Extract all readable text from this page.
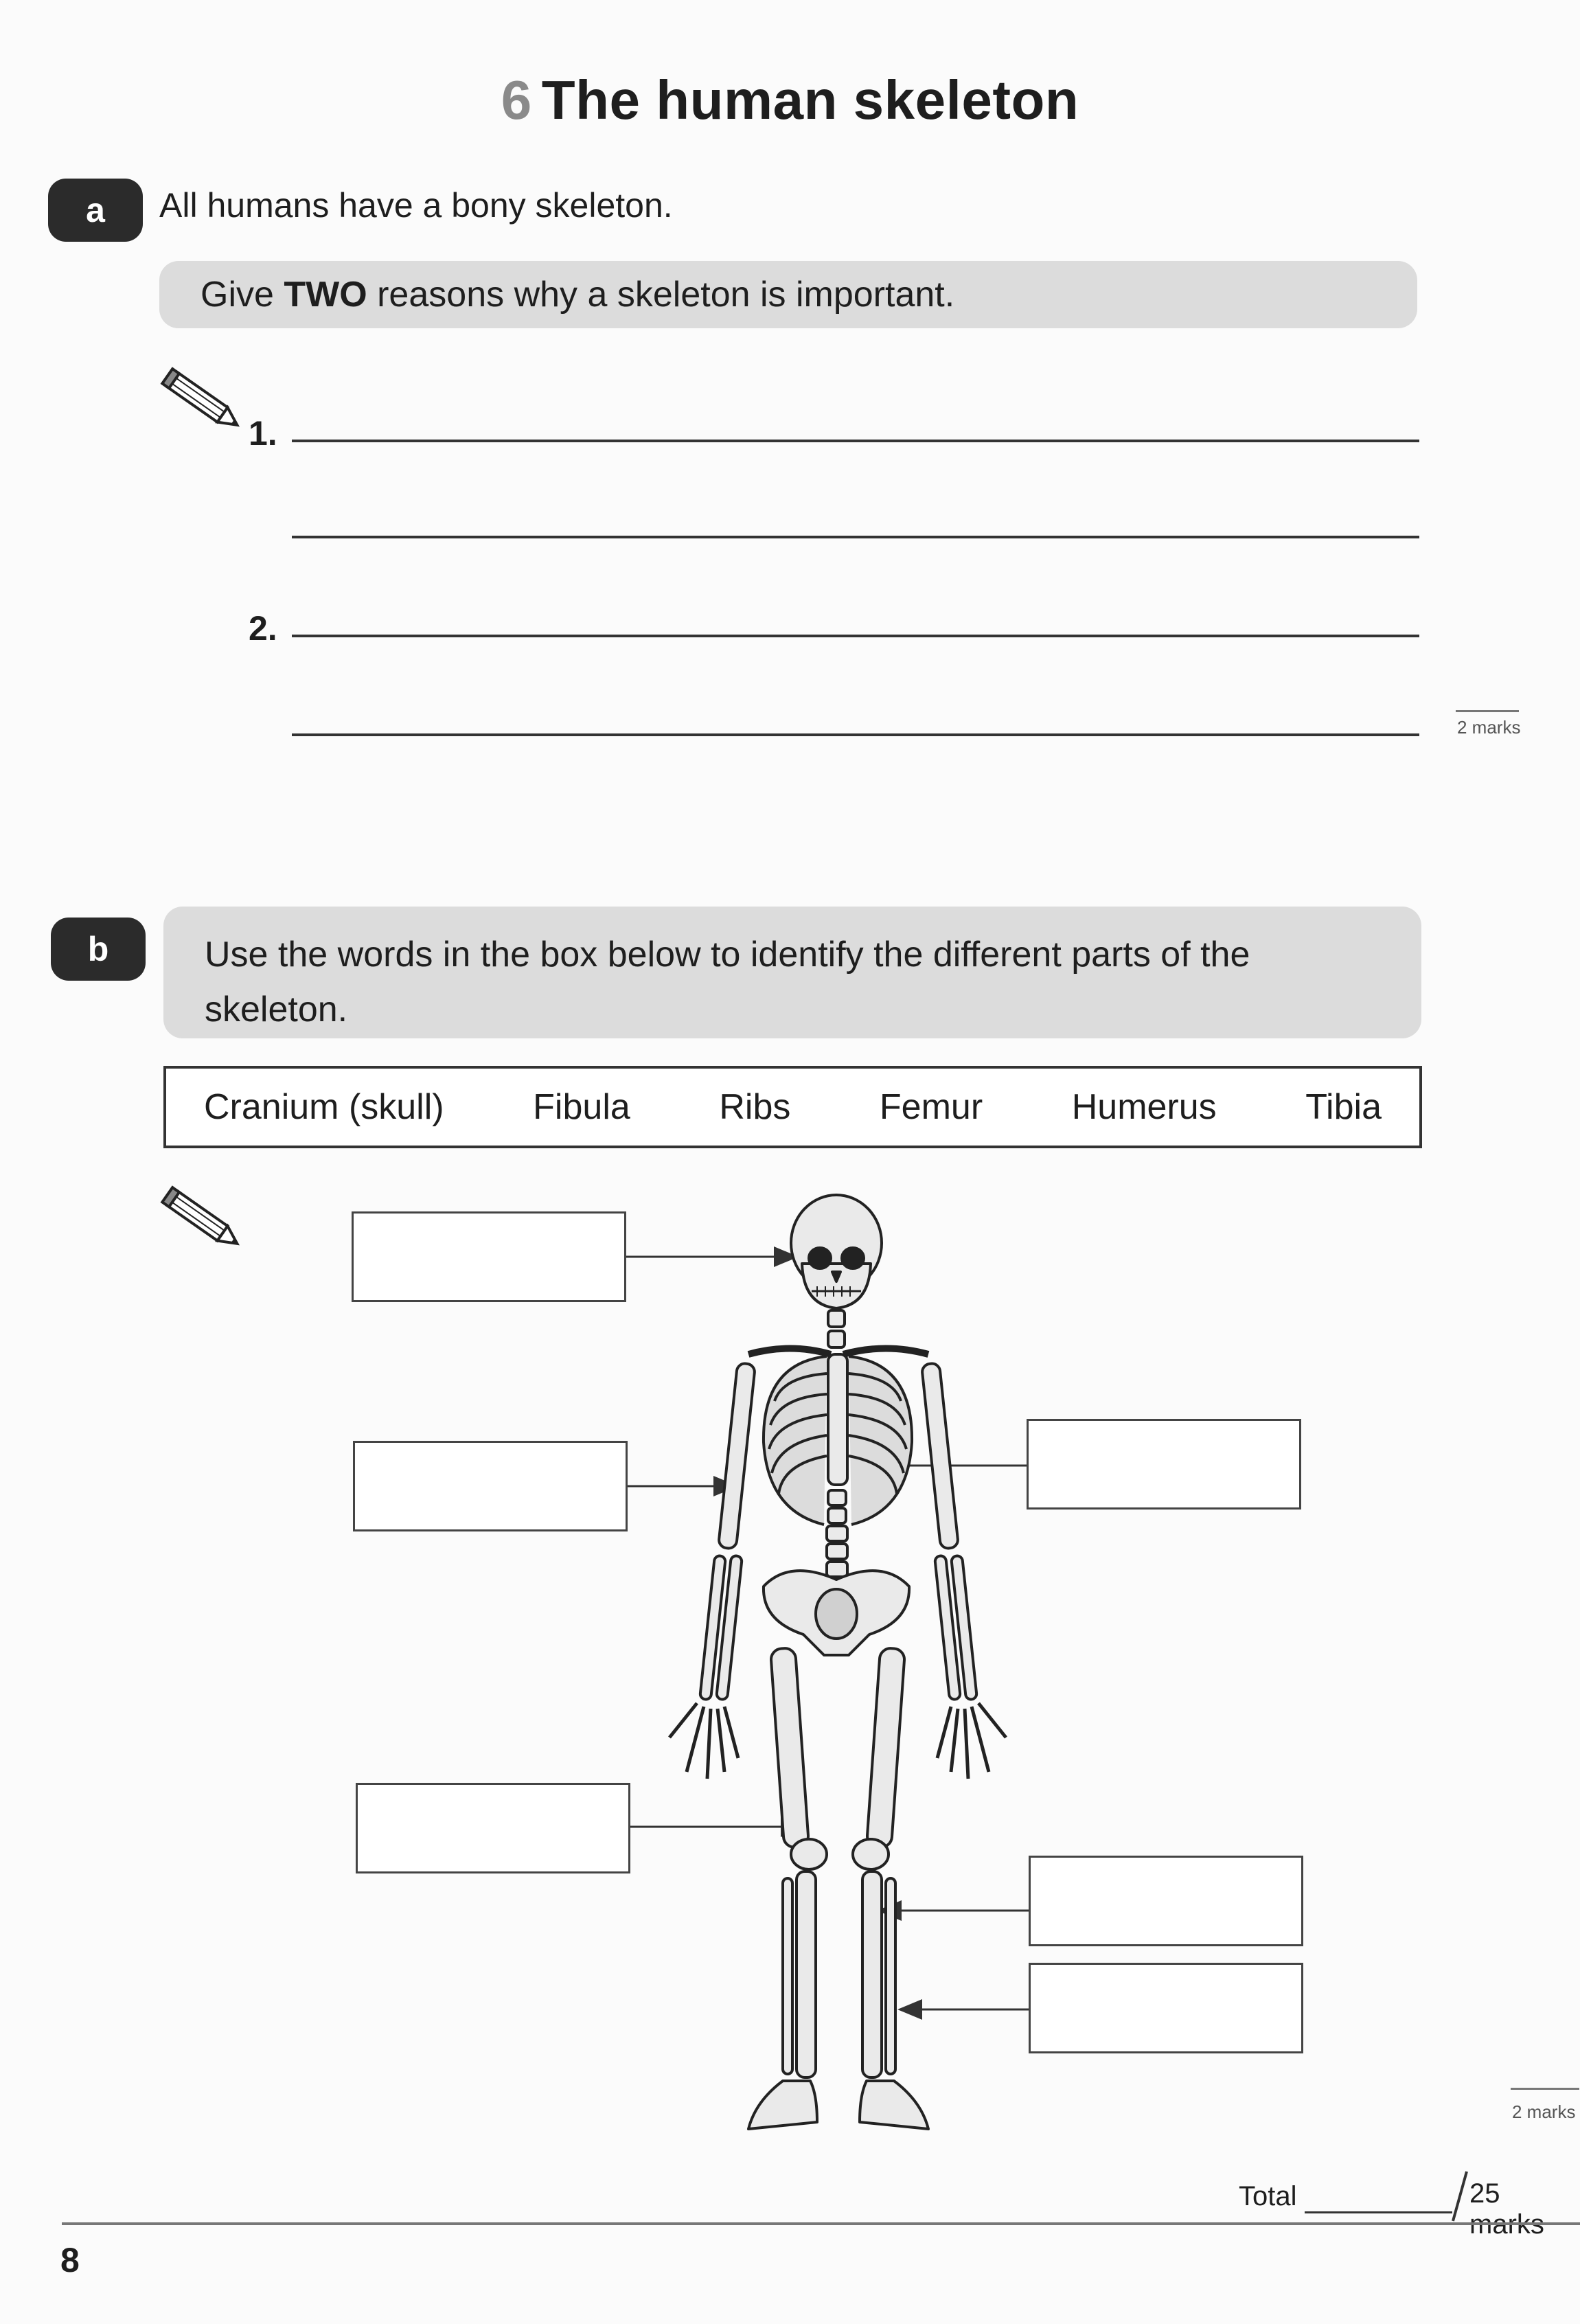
6 The human skeleton
a	All humans have a bony skeleton.
Give TWO reasons why a skeleton is important.
1.
2.
2 marks
b	Use the words in the box below to identify the different parts of the
skeleton.
Cranium (skull) Fibula Ribs Femur Humerus Tibia
2 marks
Total	25 marks
8
